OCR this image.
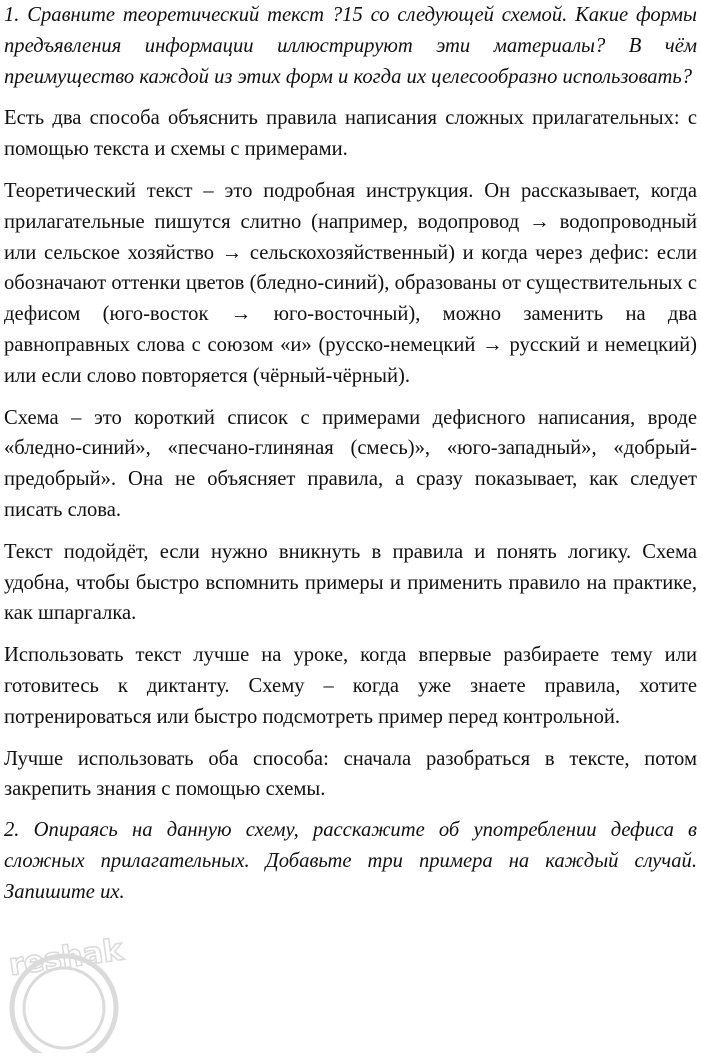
1. Сравните теоретический текст ?15 со следующей схемой. Какие формы предъявления информации иллюстрируют эти материалы? В чём преимущество каждой из этих форм и когда их целесообразно использовать?

Есть два способа объяснить правила написания сложных прилагательных: с помощью текста и схемы с примерами.

Теоретический текст – это подробная инструкция. Он рассказывает, когда прилагательные пишутся слитно (например, водопровод → водопроводный или сельское хозяйство → сельскохозяйственный) и когда через дефис: если обозначают оттенки цветов (бледно-синий), образованы от существительных с дефисом (юго-восток → юго-восточный), можно заменить на два равноправных слова с союзом «и» (русско-немецкий → русский и немецкий) или если слово повторяется (чёрный-чёрный).

Схема – это короткий список с примерами дефисного написания, вроде «бледно-синий», «песчано-глиняная (смесь)», «юго-западный», «добрый-предобрый». Она не объясняет правила, а сразу показывает, как следует писать слова.

Текст подойдёт, если нужно вникнуть в правила и понять логику. Схема удобна, чтобы быстро вспомнить примеры и применить правило на практике, как шпаргалка.

Использовать текст лучше на уроке, когда впервые разбираете тему или готовитесь к диктанту. Схему – когда уже знаете правила, хотите потренироваться или быстро подсмотреть пример перед контрольной.

Лучше использовать оба способа: сначала разобраться в тексте, потом закрепить знания с помощью схемы.

2. Опираясь на данную схему, расскажите об употреблении дефиса в сложных прилагательных. Добавьте три примера на каждый случай. Запишите их.

reshak
